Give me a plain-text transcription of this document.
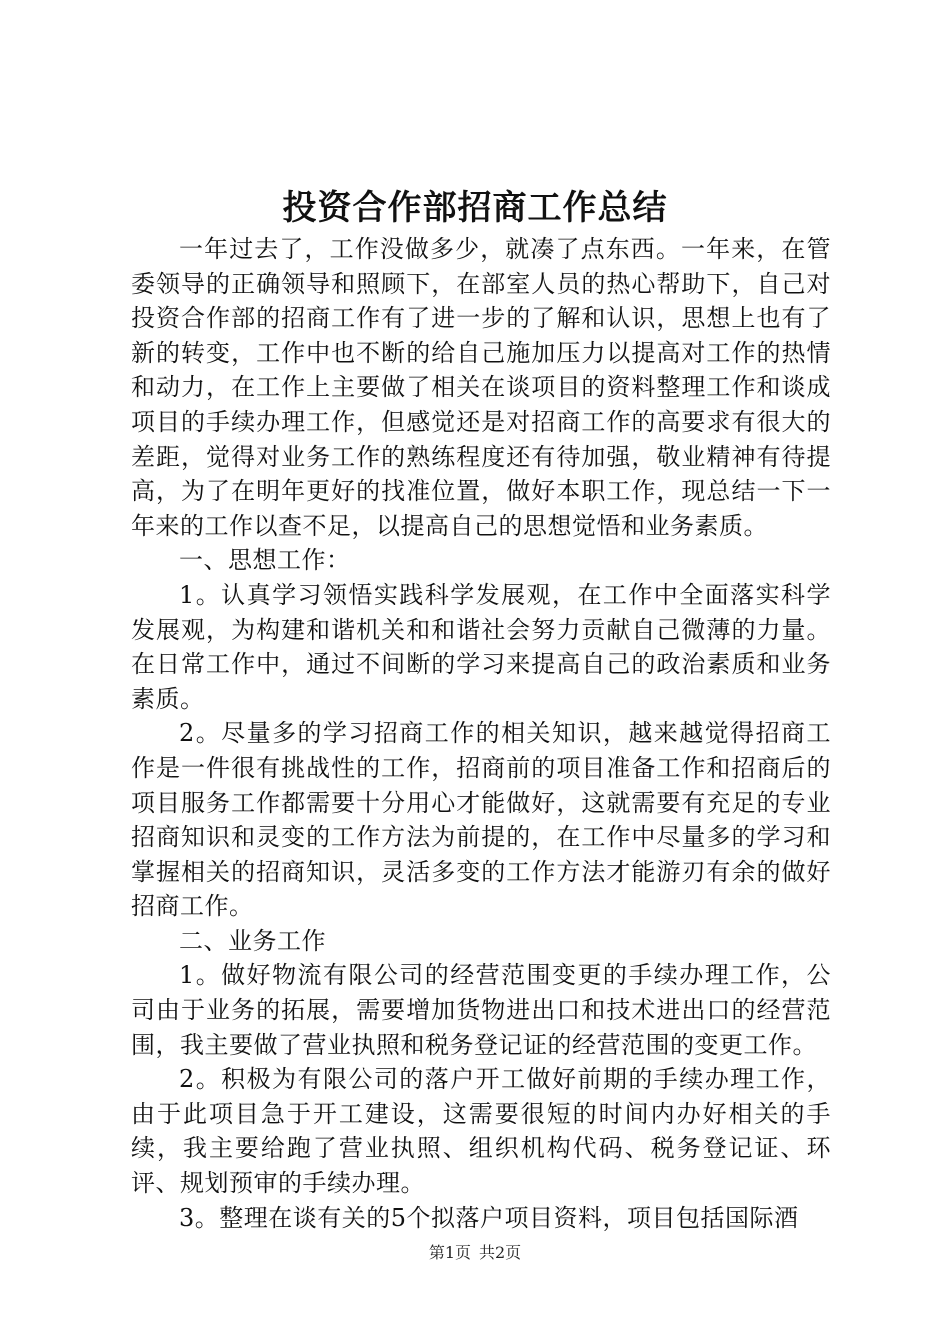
投资合作部招商工作总结

一年过去了，工作没做多少，就凑了点东西。一年来，在管委领导的正确领导和照顾下，在部室人员的热心帮助下，自己对投资合作部的招商工作有了进一步的了解和认识，思想上也有了新的转变，工作中也不断的给自己施加压力以提高对工作的热情和动力，在工作上主要做了相关在谈项目的资料整理工作和谈成项目的手续办理工作，但感觉还是对招商工作的高要求有很大的差距，觉得对业务工作的熟练程度还有待加强，敬业精神有待提高，为了在明年更好的找准位置，做好本职工作，现总结一下一年来的工作以查不足，以提高自己的思想觉悟和业务素质。

一、思想工作：

1。认真学习领悟实践科学发展观，在工作中全面落实科学发展观，为构建和谐机关和和谐社会努力贡献自己微薄的力量。在日常工作中，通过不间断的学习来提高自己的政治素质和业务素质。

2。尽量多的学习招商工作的相关知识，越来越觉得招商工作是一件很有挑战性的工作，招商前的项目准备工作和招商后的项目服务工作都需要十分用心才能做好，这就需要有充足的专业招商知识和灵变的工作方法为前提的，在工作中尽量多的学习和掌握相关的招商知识，灵活多变的工作方法才能游刃有余的做好招商工作。

二、业务工作

1。做好物流有限公司的经营范围变更的手续办理工作，公司由于业务的拓展，需要增加货物进出口和技术进出口的经营范围，我主要做了营业执照和税务登记证的经营范围的变更工作。

2。积极为有限公司的落户开工做好前期的手续办理工作，由于此项目急于开工建设，这需要很短的时间内办好相关的手续，我主要给跑了营业执照、组织机构代码、税务登记证、环评、规划预审的手续办理。

3。整理在谈有关的5个拟落户项目资料，项目包括国际酒

第1页 共2页
